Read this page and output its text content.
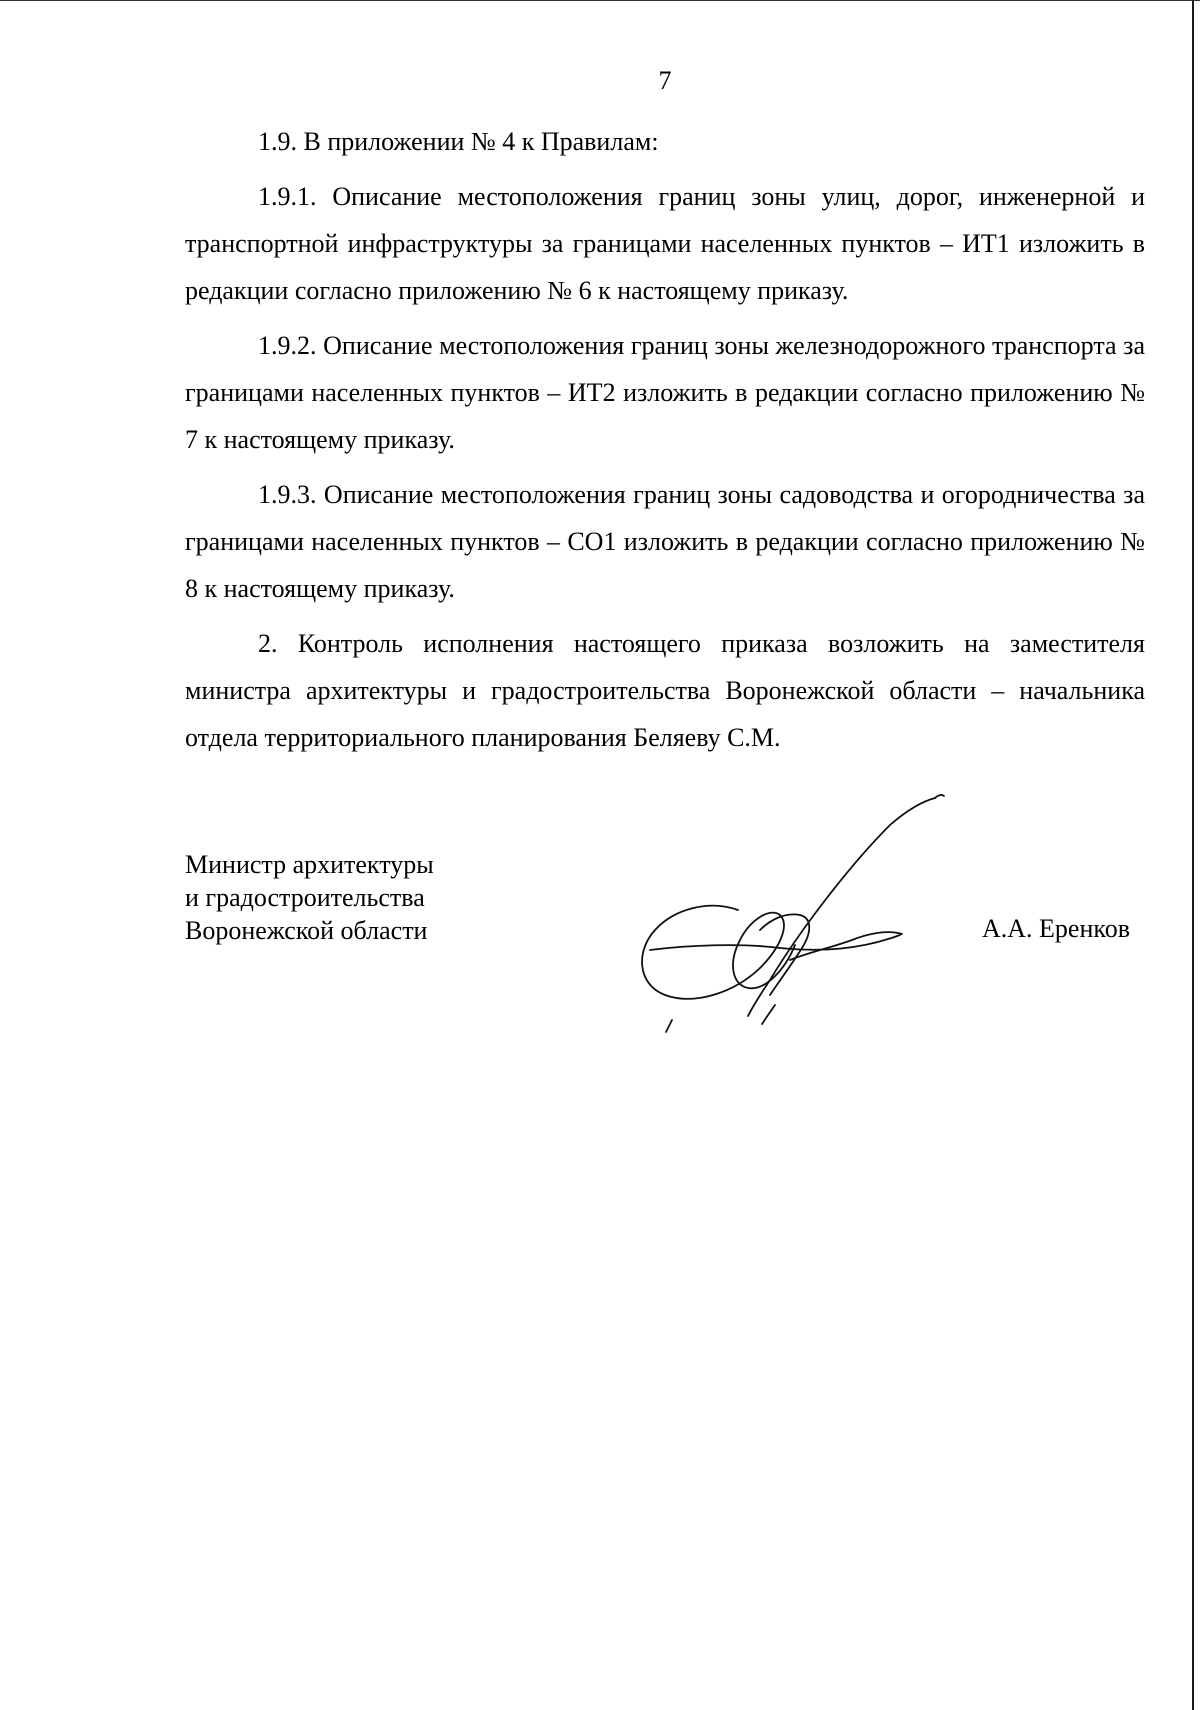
7

1.9. В приложении № 4 к Правилам:

1.9.1. Описание местоположения границ зоны улиц, дорог, инженерной и транспортной инфраструктуры за границами населенных пунктов – ИТ1 изложить в редакции согласно приложению № 6 к настоящему приказу.

1.9.2. Описание местоположения границ зоны железнодорожного транспорта за границами населенных пунктов – ИТ2 изложить в редакции согласно приложению № 7 к настоящему приказу.

1.9.3. Описание местоположения границ зоны садоводства и огородничества за границами населенных пунктов – СО1 изложить в редакции согласно приложению № 8 к настоящему приказу.

2. Контроль исполнения настоящего приказа возложить на заместителя министра архитектуры и градостроительства Воронежской области – начальника отдела территориального планирования Беляеву С.М.

Министр архитектуры
и градостроительства
Воронежской области	А.А. Еренков
